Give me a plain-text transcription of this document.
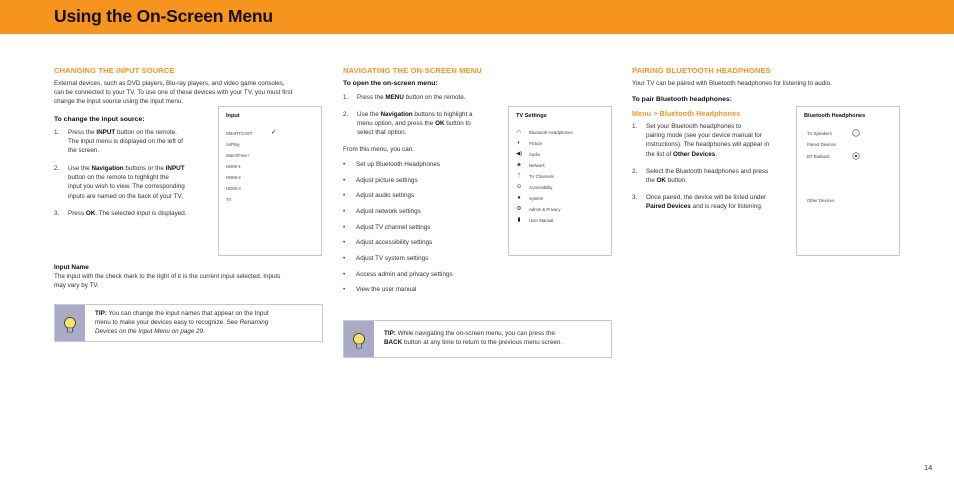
Using the On-Screen Menu
CHANGING THE INPUT SOURCE
External devices, such as DVD players, Blu-ray players, and video game consoles,
can be connected to your TV. To use one of these devices with your TV, you must first
change the input source using the input menu.
To change the input source:
1. Press the INPUT button on the remote.
The input menu is displayed on the left of
the screen.
2. Use the Navigation buttons or the INPUT
button on the remote to highlight the
input you wish to view. The corresponding
inputs are named on the back of your TV.
3. Press OK. The selected input is displayed.
Input
SMARTCAST	✓
AirPlay
WatchFree+
HDMI-1
HDMI-2
HDMI-3
TV
Input Name
The input with the check mark to the right of it is the current input selected. Inputs
may vary by TV.
TIP: You can change the input names that appear on the Input
menu to make your devices easy to recognize. See Renaming
Devices on the Input Menu on page 29.
NAVIGATING THE ON-SCREEN MENU
To open the on-screen menu:
1. Press the MENU button on the remote.
2. Use the Navigation buttons to highlight a
menu option, and press the OK button to
select that option.
From this menu, you can:
• Set up Bluetooth Headphones
• Adjust picture settings
• Adjust audio settings
• Adjust network settings
• Adjust TV channel settings
• Adjust accessibility settings
• Adjust TV system settings
• Access admin and privacy settings
• View the user manual
TV Settings
∩	Bluetooth Headphones
◐	Picture
◀) Audio
◈	Network
ᛉ	TV Channels
⊙	Accessibility
●	System
⚙	Admin & Privacy
▮	User Manual
TIP: While navigating the on-screen menu, you can press the
BACK button at any time to return to the previous menu screen.
PAIRING BLUETOOTH HEADPHONES
Your TV can be paired with Bluetooth headphones for listening to audio.
To pair Bluetooth headphones:
Menu > Bluetooth Headphones
1. Set your Bluetooth headphones to
pairing mode (see your device manual for
instructions). The headphones will appear in
the list of Other Devices.
2. Select the Bluetooth headphones and press
the OK button.
3. Once paired, the device will be listed under
Paired Devices and is ready for listening.
Bluetooth Headphones
TV Speakers
Paired Devices
BT Earbuds
Other Devices
14
